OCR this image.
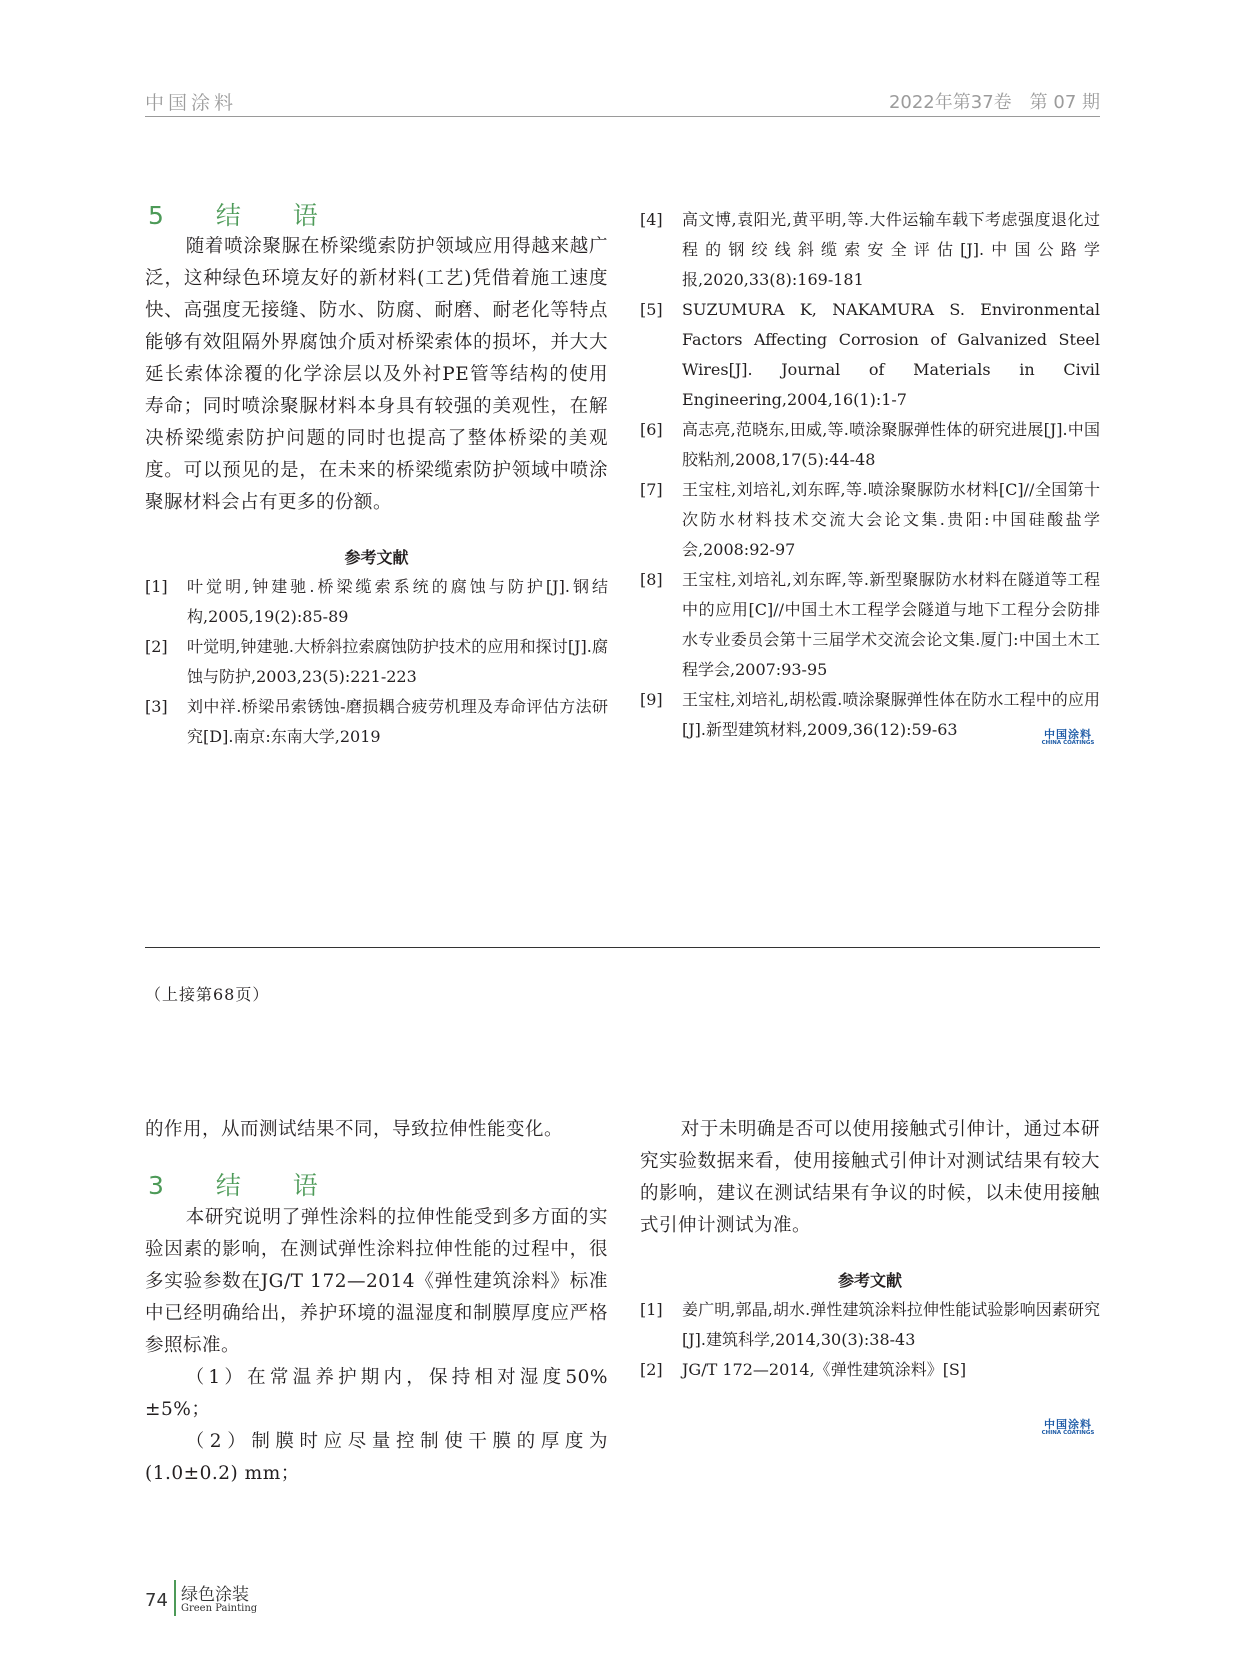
中国涂料	2022年第37卷　第 07 期
5 结 语

随着喷涂聚脲在桥梁缆索防护领域应用得越来越广泛，这种绿色环境友好的新材料(工艺)凭借着施工速度快、高强度无接缝、防水、防腐、耐磨、耐老化等特点能够有效阻隔外界腐蚀介质对桥梁索体的损坏，并大大延长索体涂覆的化学涂层以及外衬PE管等结构的使用寿命；同时喷涂聚脲材料本身具有较强的美观性，在解决桥梁缆索防护问题的同时也提高了整体桥梁的美观度。可以预见的是，在未来的桥梁缆索防护领域中喷涂聚脲材料会占有更多的份额。

参考文献
[1]	叶觉明,钟建驰.桥梁缆索系统的腐蚀与防护[J].钢结构,2005,19(2):85-89
[2]	叶觉明,钟建驰.大桥斜拉索腐蚀防护技术的应用和探讨[J].腐蚀与防护,2003,23(5):221-223
[3]	刘中祥.桥梁吊索锈蚀-磨损耦合疲劳机理及寿命评估方法研究[D].南京:东南大学,2019
[4]	高文博,袁阳光,黄平明,等.大件运输车载下考虑强度退化过程的钢绞线斜缆索安全评估[J].中国公路学报,2020,33(8):169-181
[5]	SUZUMURA K, NAKAMURA S. Environmental Factors Affecting Corrosion of Galvanized Steel Wires[J]. Journal of Materials in Civil Engineering,2004,16(1):1-7
[6]	高志亮,范晓东,田威,等.喷涂聚脲弹性体的研究进展[J].中国胶粘剂,2008,17(5):44-48
[7]	王宝柱,刘培礼,刘东晖,等.喷涂聚脲防水材料[C]//全国第十次防水材料技术交流大会论文集.贵阳:中国硅酸盐学会,2008:92-97
[8]	王宝柱,刘培礼,刘东晖,等.新型聚脲防水材料在隧道等工程中的应用[C]//中国土木工程学会隧道与地下工程分会防排水专业委员会第十三届学术交流会论文集.厦门:中国土木工程学会,2007:93-95
[9]	王宝柱,刘培礼,胡松霞.喷涂聚脲弹性体在防水工程中的应用[J].新型建筑材料,2009,36(12):59-63	中国涂料
CHINA COATINGS
（上接第68页）

的作用，从而测试结果不同，导致拉伸性能变化。

3 结 语

本研究说明了弹性涂料的拉伸性能受到多方面的实验因素的影响，在测试弹性涂料拉伸性能的过程中，很多实验参数在JG/T 172—2014《弹性建筑涂料》标准中已经明确给出，养护环境的温湿度和制膜厚度应严格参照标准。

（1）在常温养护期内，保持相对湿度50%±5%；

（2）制膜时应尽量控制使干膜的厚度为(1.0±0.2) mm；

对于未明确是否可以使用接触式引伸计，通过本研究实验数据来看，使用接触式引伸计对测试结果有较大的影响，建议在测试结果有争议的时候，以未使用接触式引伸计测试为准。

参考文献
[1]	姜广明,郭晶,胡水.弹性建筑涂料拉伸性能试验影响因素研究[J].建筑科学,2014,30(3):38-43
[2]	JG/T 172—2014,《弹性建筑涂料》[S]
中国涂料
CHINA COATINGS
74 绿色涂装
Green Painting
